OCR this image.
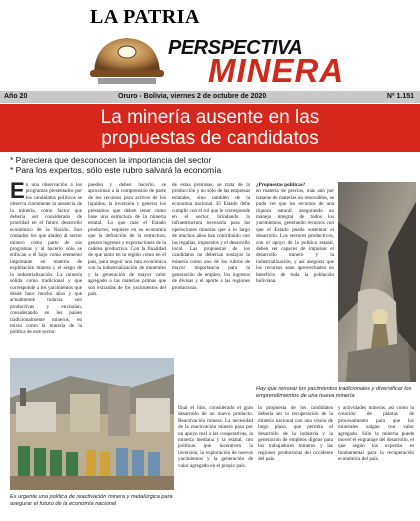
LA PATRIA
PERSPECTIVA
MINERA
Año 20	Oruro - Bolivia, viernes 2 de octubre de 2020	Nº 1.151
La minería ausente en las
propuestas de candidatos
* Pareciera que desconocen la importancia del sector
* Para los expertos, sólo este rubro salvará la economía
En una observación a los programas presentados por los candidatos políticos se observa claramente la ausencia de la minería, como factor que debería ser considerado de prioridad en el futuro desarrollo económico de la Nación. Son contados los que aluden al sector minero como parte de sus programas y al hacerlo sólo se enfocan a él bajo como elemento importante en materia de explotación minera y el sesgo de la industrialización. La minería sólida como tradicional y que corresponde a los yacimientos que desde hace mucho años y que actualmente todavía son productivas y enviarían, considerando en los países tradicionalmente mineros, en mixto como la minería de la política de este sector.

pueden y deben hacerlo, se aproximan a la comprensión de parte de los recursos para activos de los líquidos, la inversión y generar los préstamos que deben tener como base una estructura de la minería estatal. Lo que más el Estado productor, requiere en su economía que la definición de la estructura, genera ingresos y exportaciones de la cadena productiva. Con la finalidad de que tanto en la región como en el país, para seguir una ruta económica con la industrialización de minerales y la generación de mayor valor agregado a las materias primas que son extraídas de los yacimientos del país.

de estas premisas, se trata de la producción y no sólo de las empresas estatales, sino también de la economía nacional. El Estado debe cumplir con el rol que le corresponde en el sector, brindando la infraestructura necesaria para las operaciones mineras que a lo largo de muchos años han contribuido con las regalías, impuestos y el desarrollo local. Las propuestas de los candidatos no deberían soslayar la minería como uno de los rubros de mayor importancia para la generación de empleo, los ingresos de divisas y el aporte a las regiones productoras.

¿Propuestas políticas?

en materia de precios, más aún por tratarse de materias no renovables, se pudo ver que los recursos de una riqueza natural, asegurando un manejo integral de todos los yacimientos, generando recursos con que el Estado pueda sustentar el desarrollo. Los sectores productivos, con el apoyo de la política estatal, deben ser capaces de impulsar el desarrollo minero y la industrialización, y así asegurar que los recursos sean aprovechados en beneficio de toda la población boliviana.

Hay que renovar los yacimientos tradicionales y diversificar los emprendimientos de una nueva minería
Es urgente una política de reactivación minera y metalúrgica para asegurar el futuro de la economía nacional

final el litio, considerado el gran desarrollo de un nuevo producto. Reactivación minera. La necesidad de la reactivación minera pasa por un apoyo real a las cooperativas, la minería mediana y la estatal, con políticas que incentiven la inversión, la exploración de nuevos yacimientos y la generación de valor agregado en el propio país.

la propuesta de los candidatos debería ser la recuperación de la minería nacional con una visión de largo plazo, que permita el desarrollo de la industria y la generación de empleos dignos para los trabajadores mineros y las regiones productoras del occidente del país.

y actividades mineras, así como la creación de plantas de procesamiento para que los minerales salgan con valor agregado. Sólo la minería puede mover el engranaje del desarrollo, el que según los expertos es fundamental para la recuperación económica del país.
